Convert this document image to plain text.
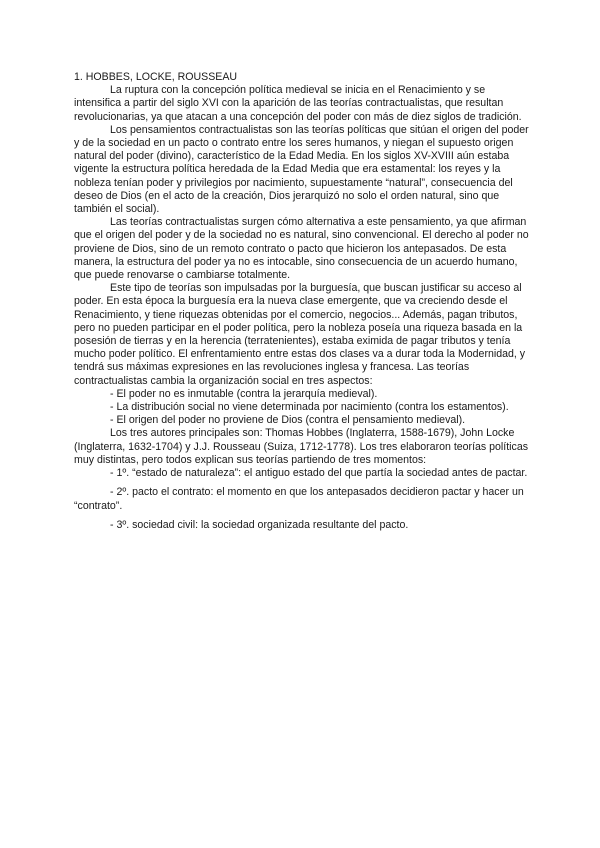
1. HOBBES, LOCKE, ROUSSEAU

La ruptura con la concepción política medieval se inicia en el Renacimiento y se intensifica a partir del siglo XVI con la aparición de las teorías contractualistas, que resultan revolucionarias, ya que atacan a una concepción del poder con más de diez siglos de tradición.

Los pensamientos contractualistas son las teorías políticas que sitúan el origen del poder y de la sociedad en un pacto o contrato entre los seres humanos, y niegan el supuesto origen natural del poder (divino), característico de la Edad Media. En los siglos XV-XVIII aún estaba vigente la estructura política heredada de la Edad Media que era estamental: los reyes y la nobleza tenían poder y privilegios por nacimiento, supuestamente “natural”, consecuencia del deseo de Dios (en el acto de la creación, Dios jerarquizó no solo el orden natural, sino que también el social).

Las teorías contractualistas surgen cómo alternativa a este pensamiento, ya que afirman que el origen del poder y de la sociedad no es natural, sino convencional. El derecho al poder no proviene de Dios, sino de un remoto contrato o pacto que hicieron los antepasados. De esta manera, la estructura del poder ya no es intocable, sino consecuencia de un acuerdo humano, que puede renovarse o cambiarse totalmente.

Este tipo de teorías son impulsadas por la burguesía, que buscan justificar su acceso al poder. En esta época la burguesía era la nueva clase emergente, que va creciendo desde el Renacimiento, y tiene riquezas obtenidas por el comercio, negocios... Además, pagan tributos, pero no pueden participar en el poder política, pero la nobleza poseía una riqueza basada en la posesión de tierras y en la herencia (terratenientes), estaba eximida de pagar tributos y tenía mucho poder político. El enfrentamiento entre estas dos clases va a durar toda la Modernidad, y tendrá sus máximas expresiones en las revoluciones inglesa y francesa. Las teorías contractualistas cambia la organización social en tres aspectos:

- El poder no es inmutable (contra la jerarquía medieval).

- La distribución social no viene determinada por nacimiento (contra los estamentos).

- El origen del poder no proviene de Dios (contra el pensamiento medieval).

Los tres autores principales son: Thomas Hobbes (Inglaterra, 1588-1679), John Locke (Inglaterra, 1632-1704) y J.J. Rousseau (Suiza, 1712-1778). Los tres elaboraron teorías políticas muy distintas, pero todos explican sus teorías partiendo de tres momentos:

- 1º. “estado de naturaleza”: el antiguo estado del que partía la sociedad antes de pactar.

- 2º. pacto el contrato: el momento en que los antepasados decidieron pactar y hacer un “contrato”.

- 3º. sociedad civil: la sociedad organizada resultante del pacto.
